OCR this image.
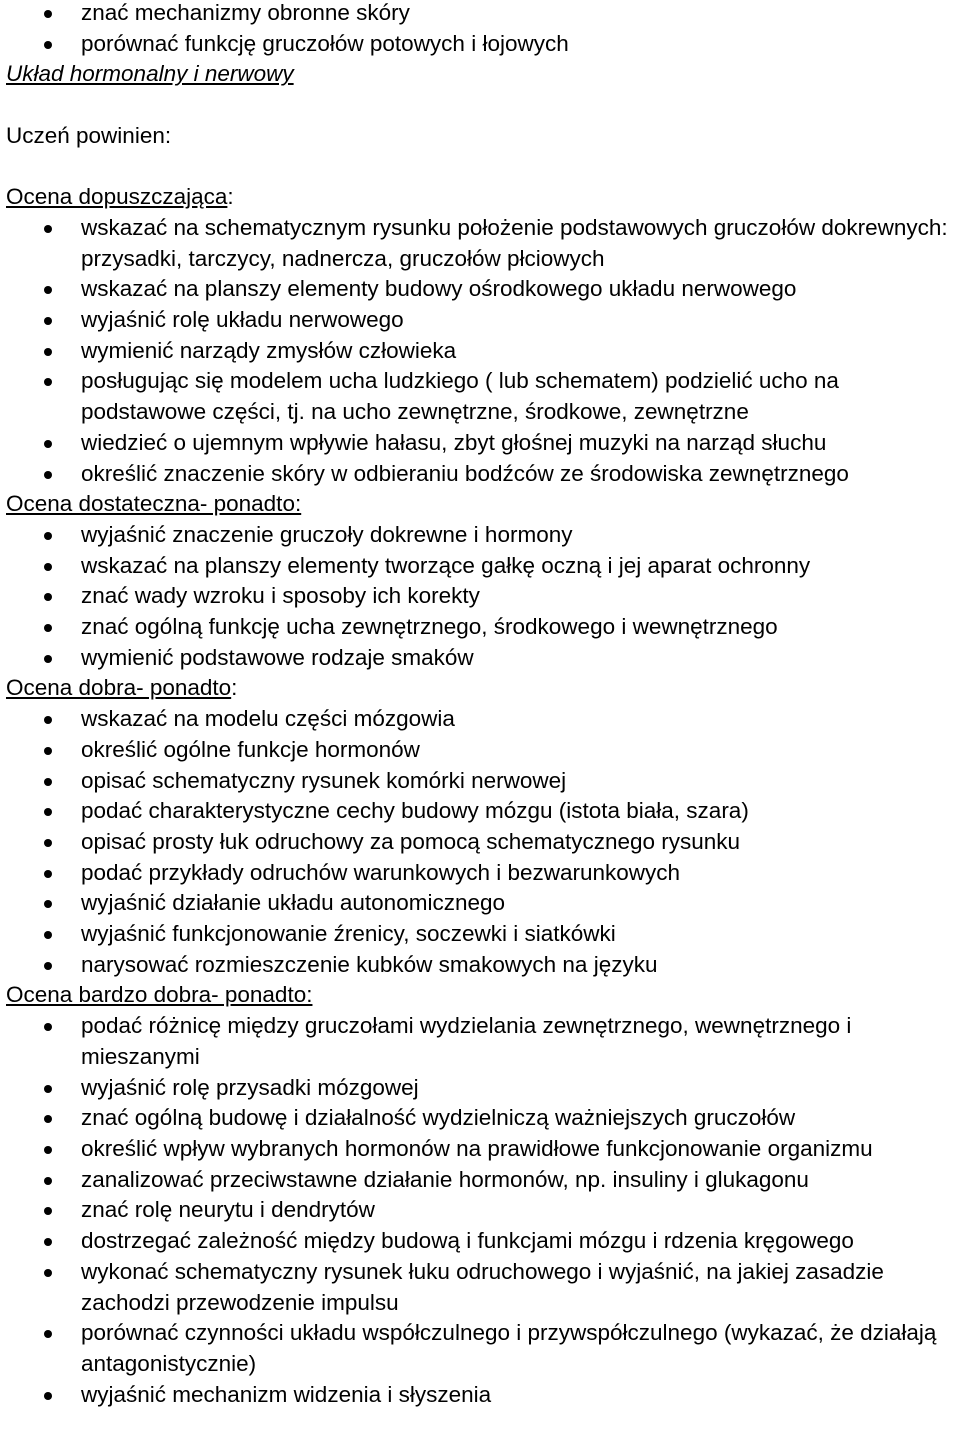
znać mechanizmy obronne skóry
porównać funkcję gruczołów potowych i łojowych
Układ hormonalny i nerwowy
Uczeń powinien:
Ocena dopuszczająca:
wskazać na schematycznym rysunku położenie podstawowych gruczołów dokrewnych: przysadki, tarczycy, nadnercza, gruczołów płciowych
wskazać na planszy elementy budowy ośrodkowego układu nerwowego
wyjaśnić rolę układu nerwowego
wymienić narządy zmysłów człowieka
posługując się modelem ucha ludzkiego ( lub schematem) podzielić ucho na podstawowe części, tj. na ucho zewnętrzne, środkowe, zewnętrzne
wiedzieć o ujemnym wpływie hałasu, zbyt głośnej muzyki na narząd słuchu
określić znaczenie skóry w odbieraniu bodźców ze środowiska zewnętrznego
Ocena dostateczna- ponadto:
wyjaśnić znaczenie gruczoły dokrewne i hormony
wskazać na planszy elementy tworzące gałkę oczną i jej aparat ochronny
znać wady wzroku i sposoby ich korekty
znać ogólną funkcję ucha zewnętrznego, środkowego i wewnętrznego
wymienić podstawowe rodzaje smaków
Ocena dobra- ponadto:
wskazać na modelu części mózgowia
określić ogólne funkcje hormonów
opisać schematyczny rysunek komórki nerwowej
podać charakterystyczne cechy budowy mózgu (istota biała, szara)
opisać prosty łuk odruchowy za pomocą schematycznego rysunku
podać przykłady odruchów warunkowych i bezwarunkowych
wyjaśnić działanie układu autonomicznego
wyjaśnić funkcjonowanie źrenicy, soczewki i siatkówki
narysować rozmieszczenie kubków smakowych na języku
Ocena bardzo dobra- ponadto:
podać różnicę między gruczołami wydzielania zewnętrznego, wewnętrznego i mieszanymi
wyjaśnić rolę przysadki mózgowej
znać ogólną budowę i działalność wydzielniczą ważniejszych gruczołów
określić wpływ wybranych hormonów na prawidłowe funkcjonowanie organizmu
zanalizować przeciwstawne działanie hormonów, np. insuliny i glukagonu
znać rolę neurytu i dendrytów
dostrzegać zależność między budową i funkcjami mózgu i rdzenia kręgowego
wykonać schematyczny rysunek łuku odruchowego i wyjaśnić, na jakiej zasadzie zachodzi przewodzenie impulsu
porównać czynności układu współczulnego i przywspółczulnego (wykazać, że działają antagonistycznie)
wyjaśnić mechanizm widzenia i słyszenia
